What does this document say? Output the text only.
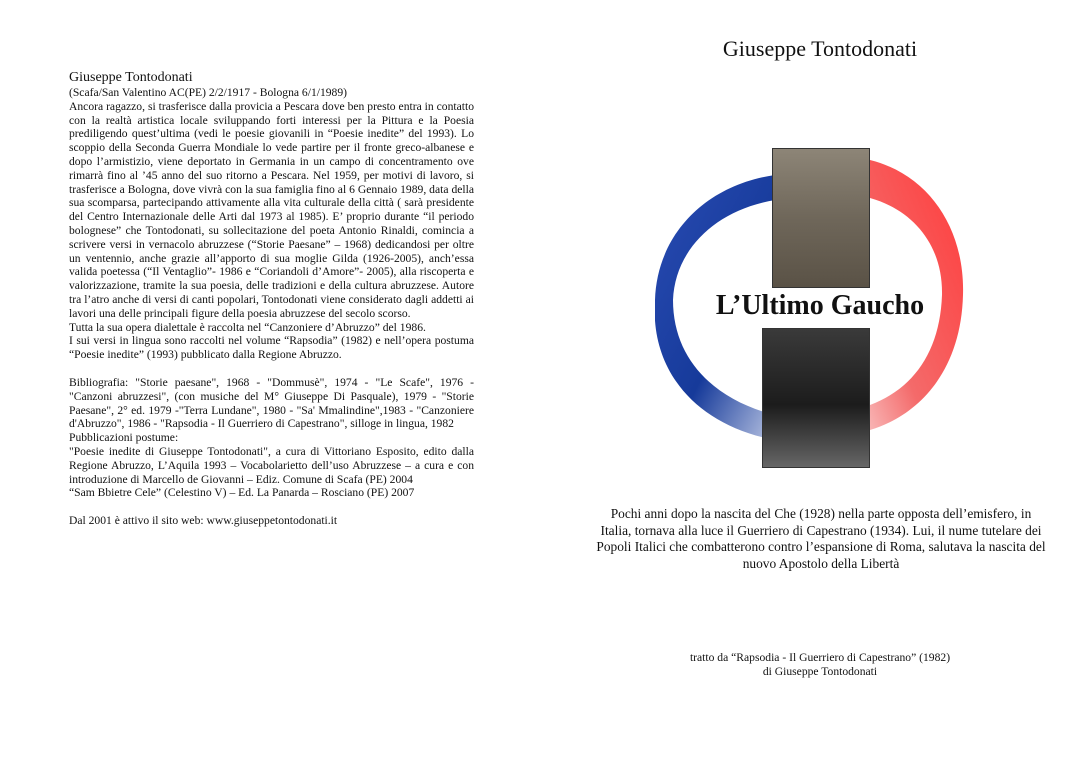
Giuseppe Tontodonati

(Scafa/San Valentino AC(PE) 2/2/1917 - Bologna 6/1/1989)

Ancora ragazzo, si trasferisce dalla provicia a Pescara dove ben presto entra in contatto con la realtà artistica locale sviluppando forti interessi per la Pittura e la Poesia prediligendo quest’ultima (vedi le poesie giovanili in “Poesie inedite” del 1993). Lo scoppio della Seconda Guerra Mondiale lo vede partire per il fronte greco-albanese e dopo l’armistizio, viene deportato in Germania in un campo di concentramento ove rimarrà fino al ’45 anno del suo ritorno a Pescara. Nel 1959, per motivi di lavoro, si trasferisce a Bologna, dove vivrà con la sua famiglia fino al 6 Gennaio 1989, data della sua scomparsa, partecipando attivamente alla vita culturale della città ( sarà presidente del Centro Internazionale delle Arti dal 1973 al 1985). E’ proprio durante “il periodo bolognese” che Tontodonati, su sollecitazione del poeta Antonio Rinaldi, comincia a scrivere versi in vernacolo abruzzese (“Storie Paesane” – 1968) dedicandosi per oltre un ventennio, anche grazie all’apporto di sua moglie Gilda (1926-2005), anch’essa valida poetessa (“Il Ventaglio”- 1986 e “Coriandoli d’Amore”- 2005), alla riscoperta e valorizzazione, tramite la sua poesia, delle tradizioni e della cultura abruzzese. Autore tra l’atro anche di versi di canti popolari, Tontodonati viene considerato dagli addetti ai lavori una delle principali figure della poesia abruzzese del secolo scorso.

Tutta la sua opera dialettale è raccolta nel “Canzoniere d’Abruzzo” del 1986.

I sui versi in lingua sono raccolti nel volume “Rapsodia” (1982) e nell’opera postuma “Poesie inedite” (1993) pubblicato dalla Regione Abruzzo.

Bibliografia: "Storie paesane", 1968 - "Dommusè", 1974 - "Le Scafe", 1976 - "Canzoni abruzzesi", (con musiche del M° Giuseppe Di Pasquale), 1979 - "Storie Paesane", 2° ed. 1979 -"Terra Lundane", 1980 - "Sa' Mmalindine",1983 - "Canzoniere d'Abruzzo", 1986 - "Rapsodia - Il Guerriero di Capestrano", silloge in lingua, 1982

Pubblicazioni postume:

"Poesie inedite di Giuseppe Tontodonati", a cura di Vittoriano Esposito, edito dalla Regione Abruzzo, L’Aquila 1993 – Vocabolarietto dell’uso Abruzzese – a cura e con introduzione di Marcello de Giovanni – Ediz. Comune di Scafa (PE) 2004

“Sam Bbietre Cele” (Celestino V) – Ed. La Panarda – Rosciano (PE) 2007

Dal 2001 è attivo il sito web: www.giuseppetontodonati.it

Giuseppe Tontodonati
L’Ultimo Gaucho
Pochi anni dopo la nascita del Che (1928) nella parte opposta dell’emisfero, in Italia, tornava alla luce il Guerriero di Capestrano (1934). Lui, il nume tutelare dei Popoli Italici che combatterono contro l’espansione di Roma, salutava la nascita del nuovo Apostolo della Libertà
tratto da “Rapsodia - Il Guerriero di Capestrano” (1982)
di Giuseppe Tontodonati
